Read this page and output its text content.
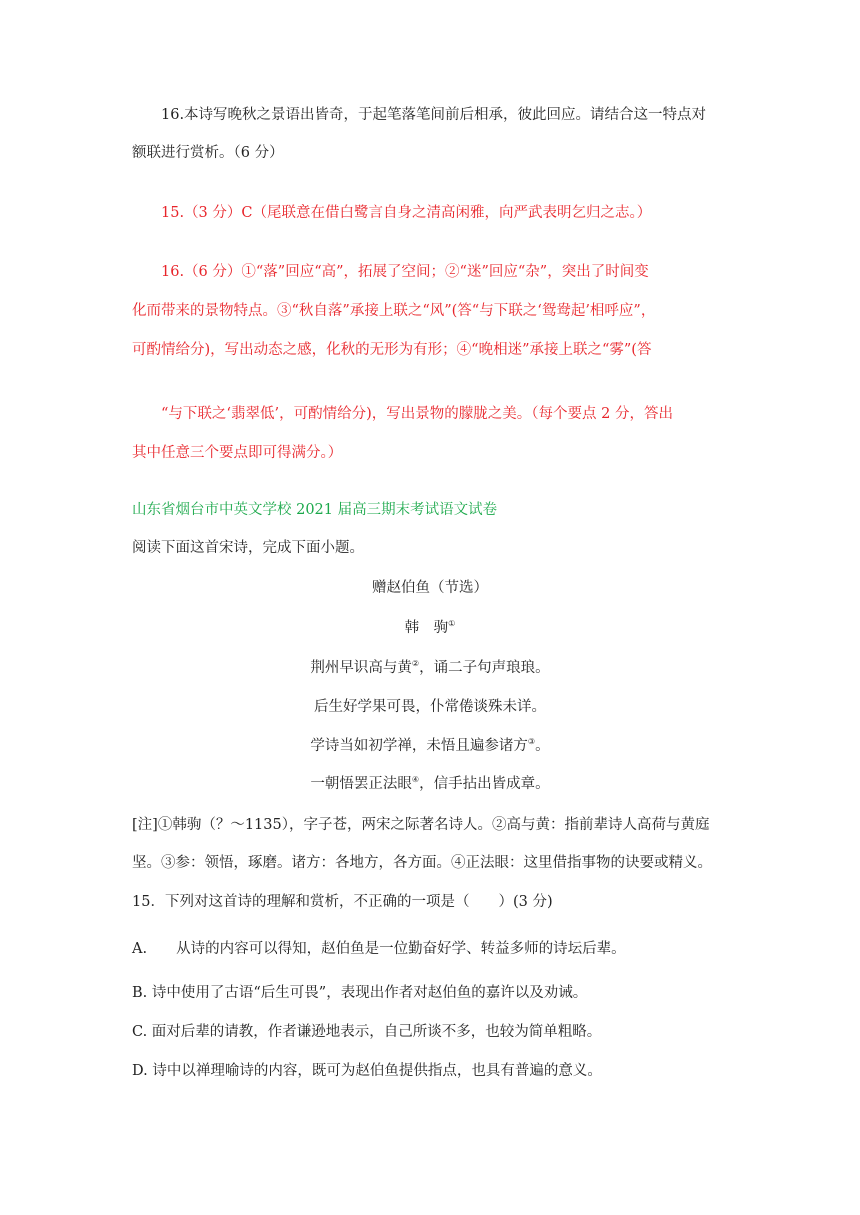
16.本诗写晚秋之景语出皆奇，于起笔落笔间前后相承，彼此回应。请结合这一特点对
额联进行赏析。（6 分）
15.（3 分）C（尾联意在借白鹭言自身之清高闲雅，向严武表明乞归之志。）
16.（6 分）①“落”回应“高”，拓展了空间；②“迷”回应“杂”，突出了时间变
化而带来的景物特点。③“秋自落”承接上联之“风”(答“与下联之‘鸳鸯起’相呼应”，
可酌情给分)，写出动态之感，化秋的无形为有形；④“晚相迷”承接上联之“雾”(答
“与下联之‘翡翠低’，可酌情给分)，写出景物的朦胧之美。（每个要点 2 分，答出
其中任意三个要点即可得满分。）
山东省烟台市中英文学校 2021 届高三期末考试语文试卷
阅读下面这首宋诗，完成下面小题。
赠赵伯鱼（节选）
韩　驹①
荆州早识高与黄②，诵二子句声琅琅。
后生好学果可畏，仆常倦谈殊未详。
学诗当如初学禅，未悟且遍参诸方③。
一朝悟罢正法眼④，信手拈出皆成章。
[注]①韩驹（？～1135），字子苍，两宋之际著名诗人。②高与黄：指前辈诗人高荷与黄庭
坚。③参：领悟，琢磨。诸方：各地方，各方面。④正法眼：这里借指事物的诀要或精义。
15．下列对这首诗的理解和赏析，不正确的一项是（　　）(3 分)
A.　　从诗的内容可以得知，赵伯鱼是一位勤奋好学、转益多师的诗坛后辈。
B. 诗中使用了古语“后生可畏”，表现出作者对赵伯鱼的嘉许以及劝诫。
C. 面对后辈的请教，作者谦逊地表示，自己所谈不多，也较为简单粗略。
D. 诗中以禅理喻诗的内容，既可为赵伯鱼提供指点，也具有普遍的意义。
